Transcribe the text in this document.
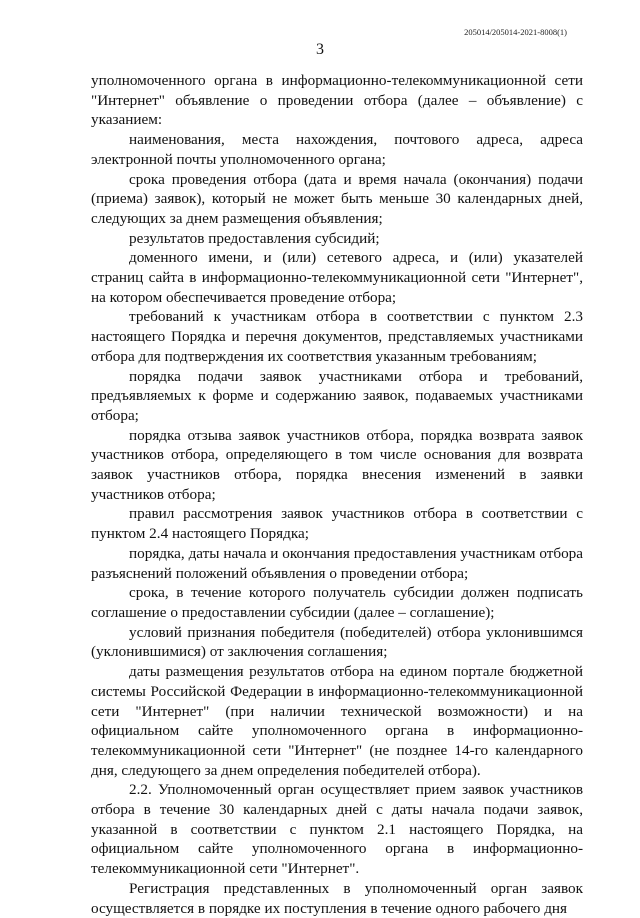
205014/205014-2021-8008(1)
3

уполномоченного органа в информационно-телекоммуникационной сети "Интернет" объявление о проведении отбора (далее – объявление) с указанием:

наименования, места нахождения, почтового адреса, адреса электронной почты уполномоченного органа;

срока проведения отбора (дата и время начала (окончания) подачи (приема) заявок), который не может быть меньше 30 календарных дней, следующих за днем размещения объявления;

результатов предоставления субсидий;

доменного имени, и (или) сетевого адреса, и (или) указателей страниц сайта в информационно-телекоммуникационной сети "Интернет", на котором обеспечивается проведение отбора;

требований к участникам отбора в соответствии с пунктом 2.3 настоящего Порядка и перечня документов, представляемых участниками отбора для подтверждения их соответствия указанным требованиям;

порядка подачи заявок участниками отбора и требований, предъявляемых к форме и содержанию заявок, подаваемых участниками отбора;

порядка отзыва заявок участников отбора, порядка возврата заявок участников отбора, определяющего в том числе основания для возврата заявок участников отбора, порядка внесения изменений в заявки участников отбора;

правил рассмотрения заявок участников отбора в соответствии с пунктом 2.4 настоящего Порядка;

порядка, даты начала и окончания предоставления участникам отбора разъяснений положений объявления о проведении отбора;

срока, в течение которого получатель субсидии должен подписать соглашение о предоставлении субсидии (далее – соглашение);

условий признания победителя (победителей) отбора уклонившимся (уклонившимися) от заключения соглашения;

даты размещения результатов отбора на едином портале бюджетной системы Российской Федерации в информационно-телекоммуникационной сети "Интернет" (при наличии технической возможности) и на официальном сайте уполномоченного органа в информационно-телекоммуникационной сети "Интернет" (не позднее 14-го календарного дня, следующего за днем определения победителей отбора).

2.2. Уполномоченный орган осуществляет прием заявок участников отбора в течение 30 календарных дней с даты начала подачи заявок, указанной в соответствии с пунктом 2.1 настоящего Порядка, на официальном сайте уполномоченного органа в информационно-телекоммуникационной сети "Интернет".

Регистрация представленных в уполномоченный орган заявок осуществляется в порядке их поступления в течение одного рабочего дня
